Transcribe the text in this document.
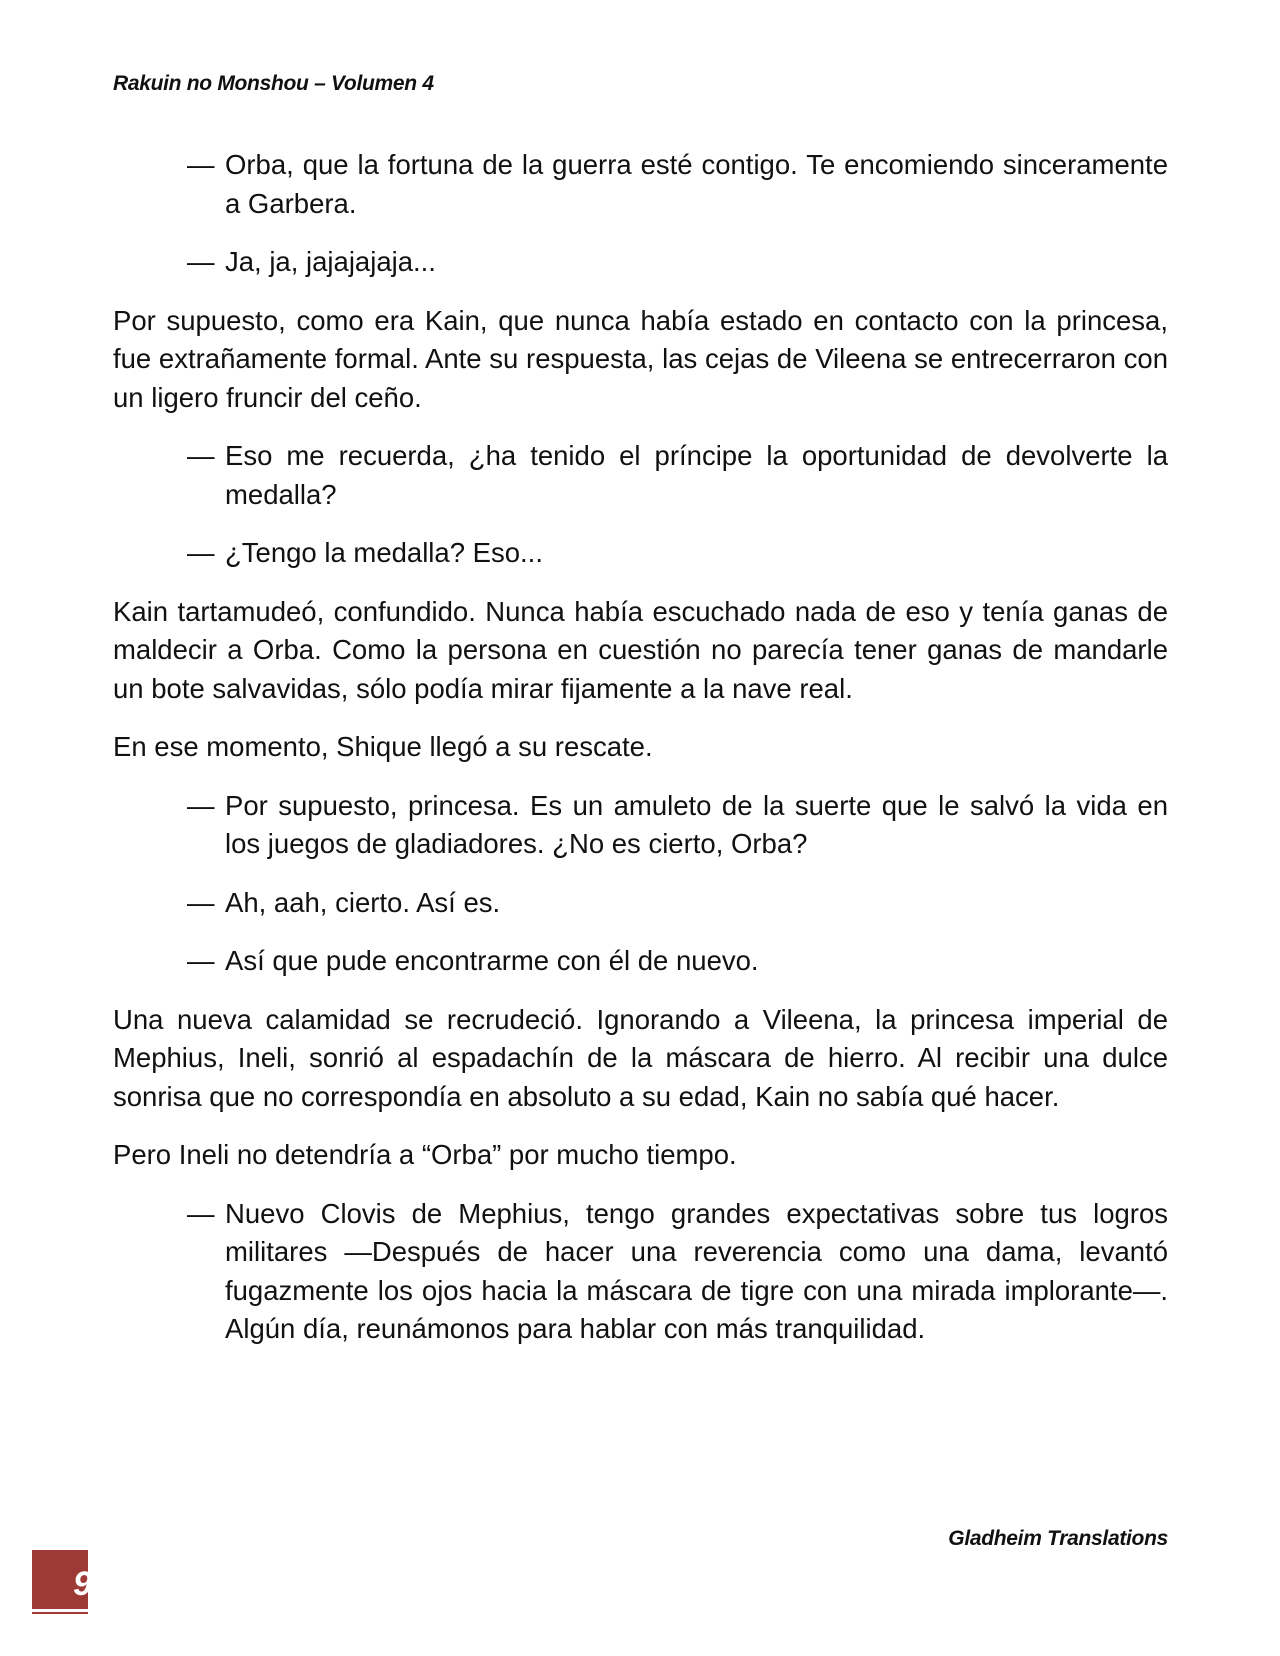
Rakuin no Monshou – Volumen 4

— Orba, que la fortuna de la guerra esté contigo. Te encomiendo sinceramente a Garbera.

— Ja, ja, jajajajaja...

Por supuesto, como era Kain, que nunca había estado en contacto con la princesa, fue extrañamente formal. Ante su respuesta, las cejas de Vileena se entrecerraron con un ligero fruncir del ceño.

— Eso me recuerda, ¿ha tenido el príncipe la oportunidad de devolverte la medalla?

— ¿Tengo la medalla? Eso...

Kain tartamudeó, confundido. Nunca había escuchado nada de eso y tenía ganas de maldecir a Orba. Como la persona en cuestión no parecía tener ganas de mandarle un bote salvavidas, sólo podía mirar fijamente a la nave real.

En ese momento, Shique llegó a su rescate.

— Por supuesto, princesa. Es un amuleto de la suerte que le salvó la vida en los juegos de gladiadores. ¿No es cierto, Orba?

— Ah, aah, cierto. Así es.

— Así que pude encontrarme con él de nuevo.

Una nueva calamidad se recrudeció. Ignorando a Vileena, la princesa imperial de Mephius, Ineli, sonrió al espadachín de la máscara de hierro. Al recibir una dulce sonrisa que no correspondía en absoluto a su edad, Kain no sabía qué hacer.

Pero Ineli no detendría a “Orba” por mucho tiempo.

— Nuevo Clovis de Mephius, tengo grandes expectativas sobre tus logros militares —Después de hacer una reverencia como una dama, levantó fugazmente los ojos hacia la máscara de tigre con una mirada implorante—. Algún día, reunámonos para hablar con más tranquilidad.

Gladheim Translations
9
